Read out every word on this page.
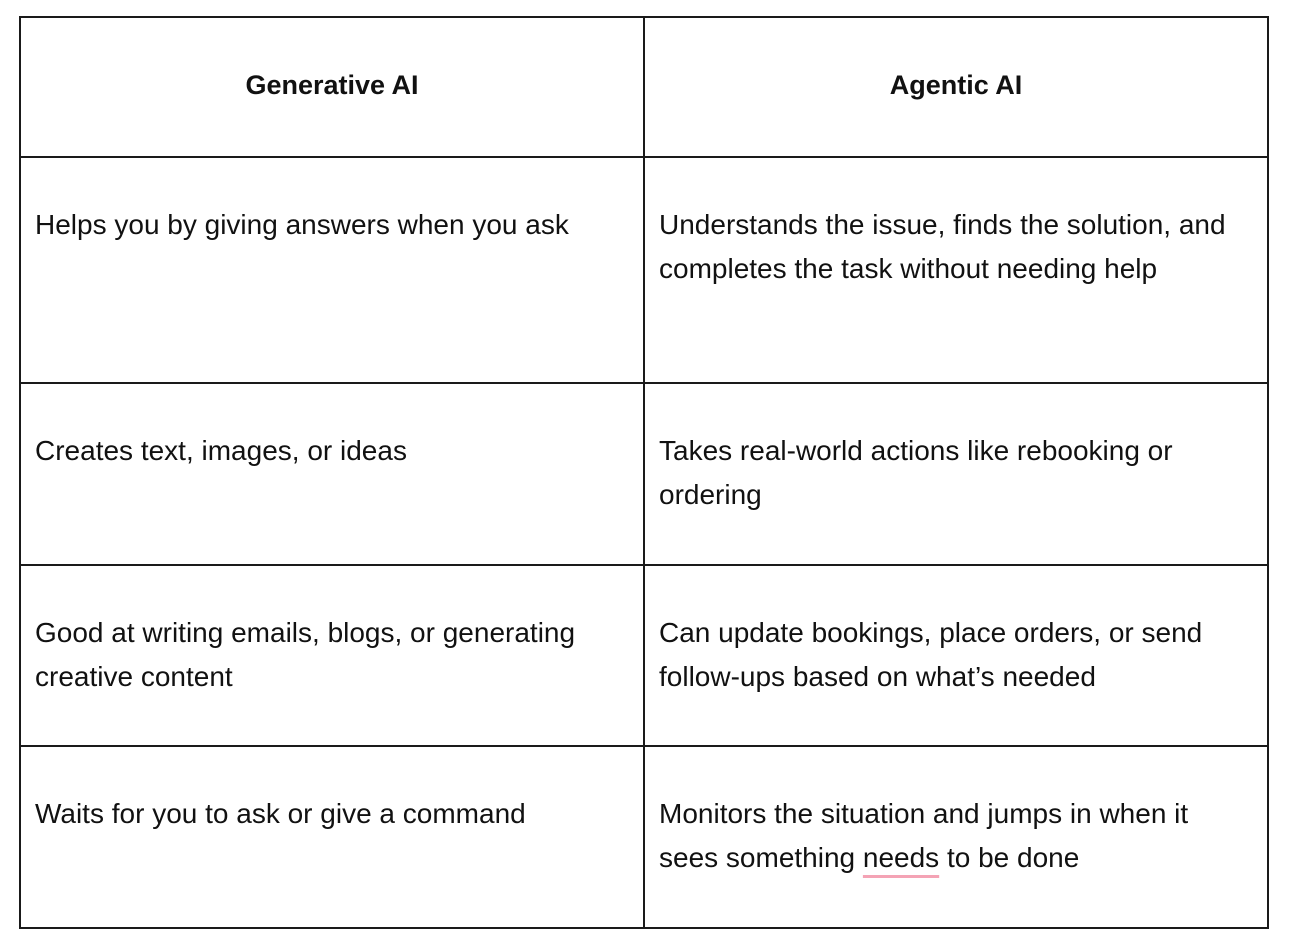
Generative AI	Agentic AI
Helps you by giving answers when you ask	Understands the issue, finds the solution, and completes the task without needing help
Creates text, images, or ideas	Takes real-world actions like rebooking or ordering
Good at writing emails, blogs, or generating creative content	Can update bookings, place orders, or send follow-ups based on what’s needed
Waits for you to ask or give a command	Monitors the situation and jumps in when it sees something needs to be done
